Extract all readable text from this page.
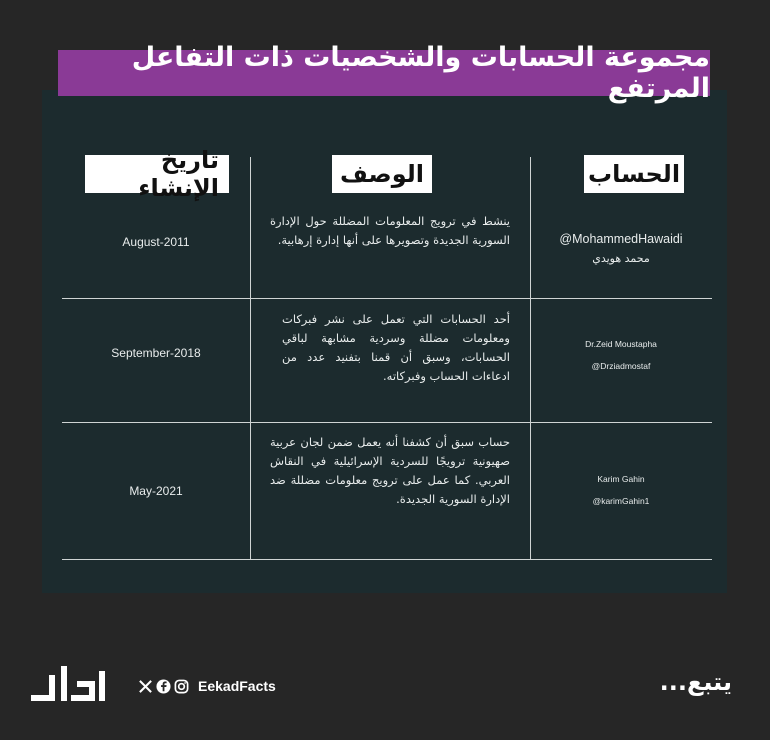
مجموعة الحسابات والشخصيات ذات التفاعل المرتفع
الحساب
الوصف
تاريخ الإنشاء
@MohammedHawaidi
محمد هويدي
ينشط في ترويج المعلومات المضللة حول الإدارة السورية الجديدة وتصويرها على أنها إدارة إرهابية.
August-2011
Dr.Zeid Moustapha
@Drziadmostaf
أحد الحسابات التي تعمل على نشر فبركات ومعلومات مضللة وسردية مشابهة لباقي الحسابات، وسبق أن قمنا بتفنيد عدد من ادعاءات الحساب وفبركاته.
September-2018
Karim Gahin
@karimGahin1
حساب سبق أن كشفنا أنه يعمل ضمن لجان عربية صهيونية ترويجًا للسردية الإسرائيلية في النقاش العربي. كما عمل على ترويج معلومات مضللة ضد الإدارة السورية الجديدة.
May-2021
EekadFacts	يتبع...
